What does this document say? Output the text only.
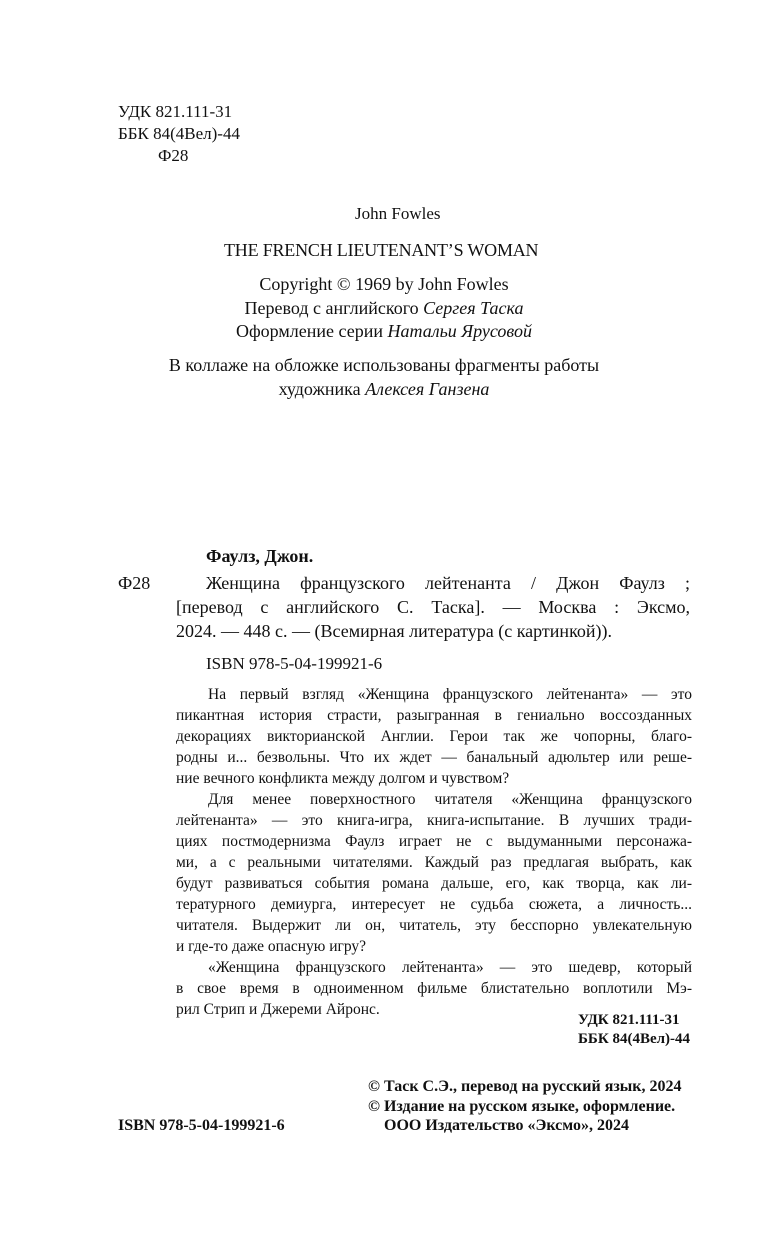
УДК 821.111-31
ББК 84(4Вел)-44
Ф28
John Fowles
THE FRENCH LIEUTENANT’S WOMAN
Copyright © 1969 by John Fowles
Перевод с английского Сергея Таска
Оформление серии Натальи Ярусовой
В коллаже на обложке использованы фрагменты работы
художника Алексея Ганзена
Фаулз, Джон.
Ф28	Женщина французского лейтенанта / Джон Фаулз ;
[перевод с английского С. Таска]. — Москва : Эксмо,
2024. — 448 с. — (Всемирная литература (с картинкой)).
ISBN 978-5-04-199921-6
На первый взгляд «Женщина французского лейтенанта» — это
пикантная история страсти, разыгранная в гениально воссозданных
декорациях викторианской Англии. Герои так же чопорны, благо-
родны и... безвольны. Что их ждет — банальный адюльтер или реше-
ние вечного конфликта между долгом и чувством?
Для менее поверхностного читателя «Женщина французского
лейтенанта» — это книга-игра, книга-испытание. В лучших тради-
циях постмодернизма Фаулз играет не с выдуманными персонажа-
ми, а с реальными читателями. Каждый раз предлагая выбрать, как
будут развиваться события романа дальше, его, как творца, как ли-
тературного демиурга, интересует не судьба сюжета, а личность...
читателя. Выдержит ли он, читатель, эту бесспорно увлекательную
и где-то даже опасную игру?
«Женщина французского лейтенанта» — это шедевр, который
в свое время в одноименном фильме блистательно воплотили Мэ-
рил Стрип и Джереми Айронс.
УДК 821.111-31
ББК 84(4Вел)-44
© Таск С.Э., перевод на русский язык, 2024
© Издание на русском языке, оформление.
ISBN 978-5-04-199921-6	ООО Издательство «Эксмо», 2024
